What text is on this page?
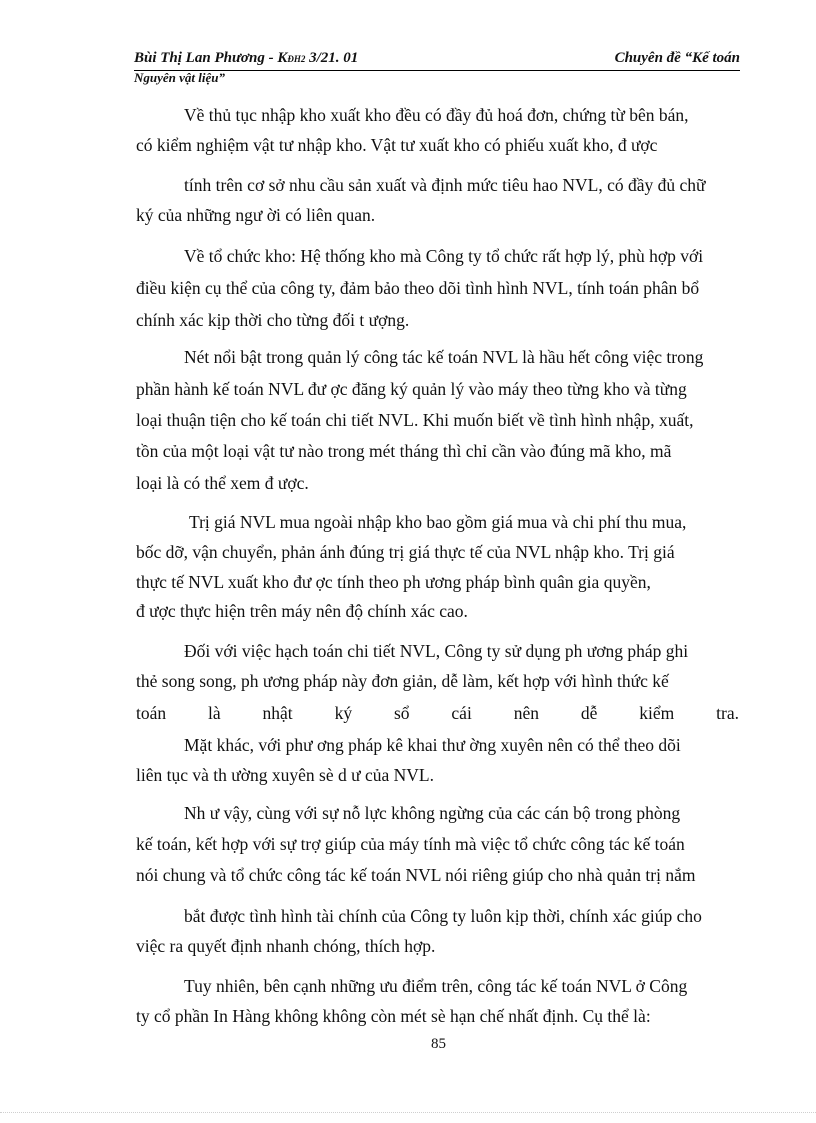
Bùi Thị Lan Phương - KĐH2 3/21. 01	Chuyên đề “Kế toán
Nguyên vật liệu”
Về thủ tục nhập kho xuất kho đều có đầy đủ hoá đơn, chứng từ bên bán,
có kiểm nghiệm vật tư nhập kho. Vật tư xuất kho có phiếu xuất kho, đ ược
tính trên cơ sở nhu cầu sản xuất và định mức tiêu hao NVL, có đầy đủ chữ
ký của những ngư ời có liên quan.
Về tổ chức kho: Hệ thống kho mà Công ty tổ chức rất hợp lý, phù hợp với
điều kiện cụ thể của công ty, đảm bảo theo dõi tình hình NVL, tính toán phân bổ
chính xác kịp thời cho từng đối t ượng.
Nét nổi bật trong quản lý công tác kế toán NVL là hầu hết công việc trong
phần hành kế toán NVL đư ợc đăng ký quản lý vào máy theo từng kho và từng
loại thuận tiện cho kế toán chi tiết NVL. Khi muốn biết về tình hình nhập, xuất,
tồn của một loại vật tư nào trong mét tháng thì chỉ cần vào đúng mã kho, mã
loại là có thể xem đ ược.
Trị giá NVL mua ngoài nhập kho bao gồm giá mua và chi phí thu mua,
bốc dỡ, vận chuyển, phản ánh đúng trị giá thực tế của NVL nhập kho. Trị giá
thực tế NVL xuất kho đư ợc tính theo ph ương pháp bình quân gia quyền,
đ ược thực hiện trên máy nên độ chính xác cao.
Đối với việc hạch toán chi tiết NVL, Công ty sử dụng ph ương pháp ghi
thẻ song song, ph ương pháp này đơn giản, dễ làm, kết hợp với hình thức kế
toán là nhật ký sổ cái nên dễ kiểm tra.
Mặt khác, với phư ơng pháp kê khai thư ờng xuyên nên có thể theo dõi
liên tục và th ường xuyên sè d ư của NVL.
Nh ư vậy, cùng với sự nỗ lực không ngừng của các cán bộ trong phòng
kế toán, kết hợp với sự trợ giúp của máy tính mà việc tổ chức công tác kế toán
nói chung và tổ chức công tác kế toán NVL nói riêng giúp cho nhà quản trị nắm
bắt được tình hình tài chính của Công ty luôn kịp thời, chính xác giúp cho
việc ra quyết định nhanh chóng, thích hợp.
Tuy nhiên, bên cạnh những ưu điểm trên, công tác kế toán NVL ở Công
ty cổ phần In Hàng không không còn mét sè hạn chế nhất định. Cụ thể là:
85
